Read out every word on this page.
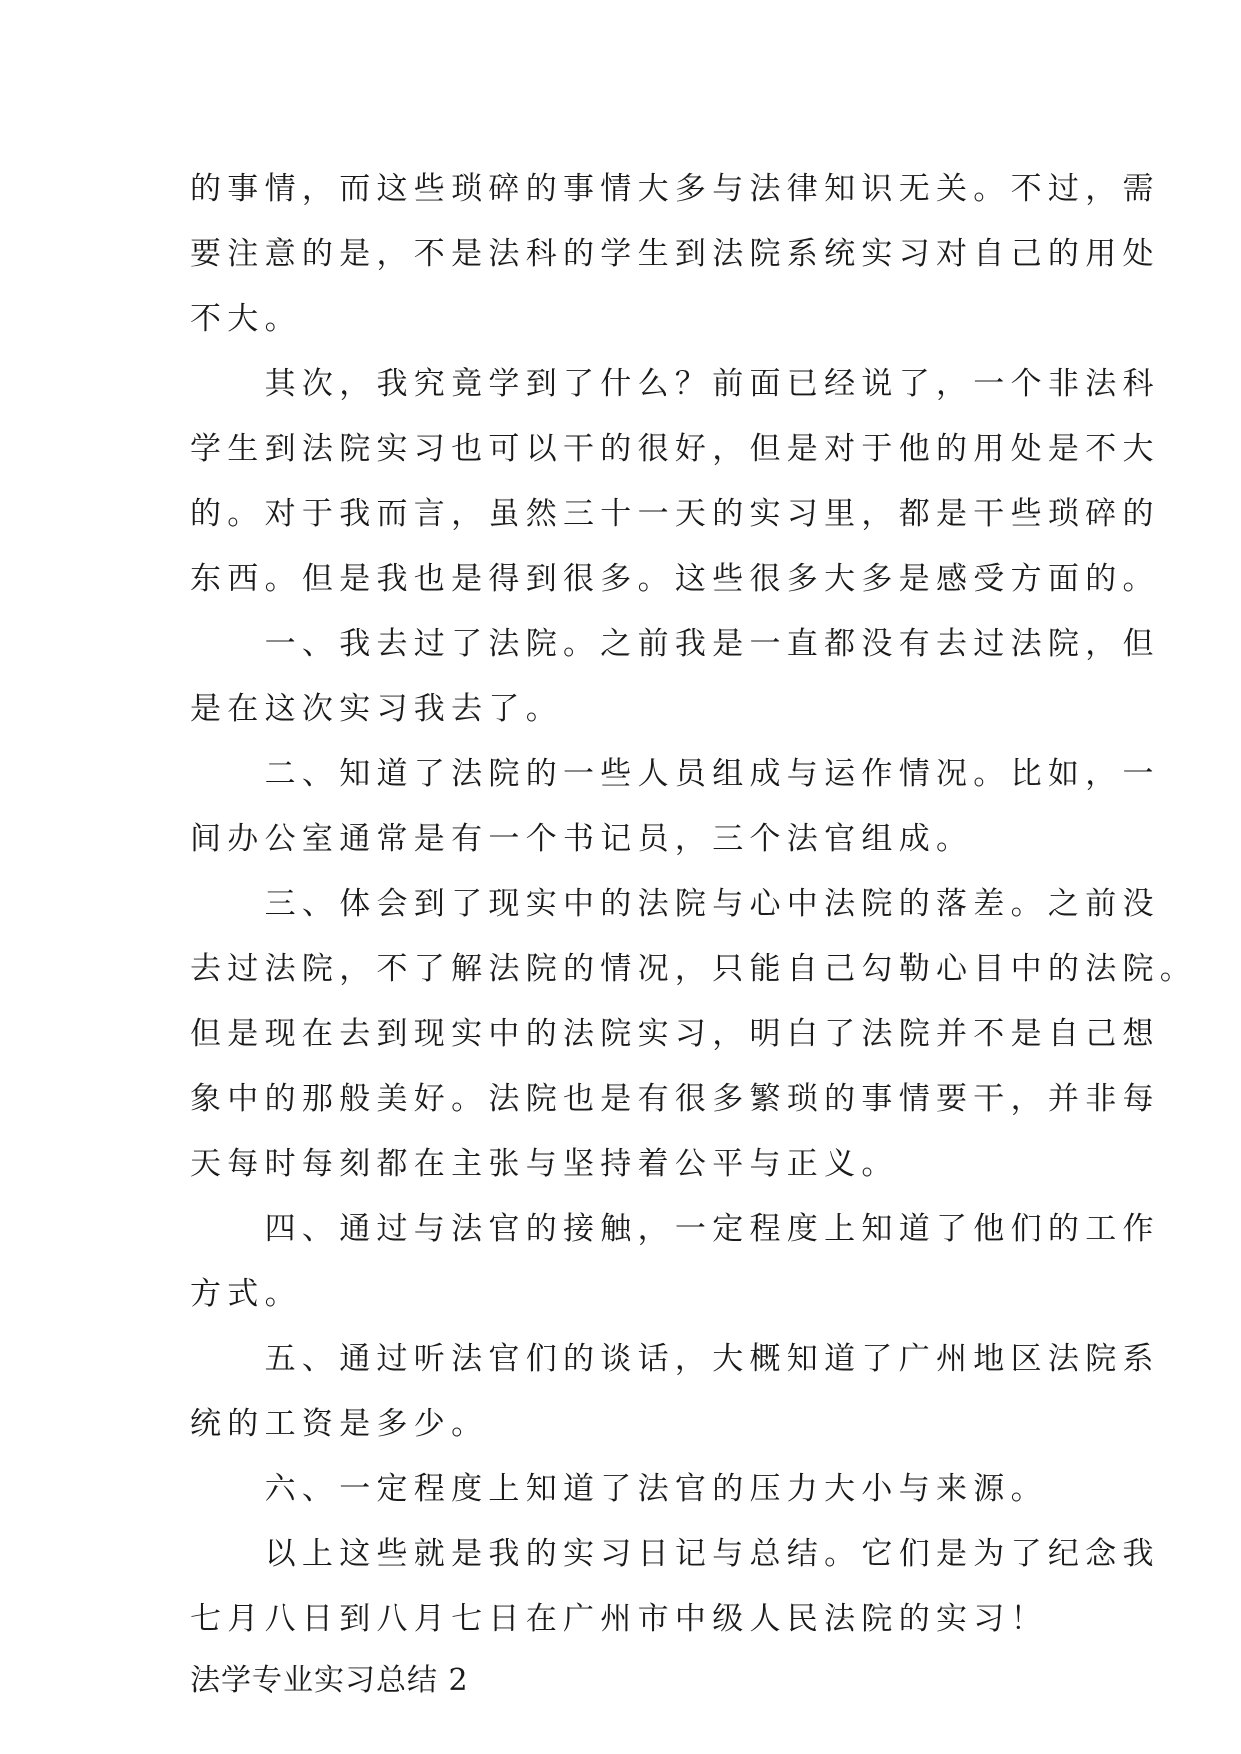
的事情，而这些琐碎的事情大多与法律知识无关。不过，需
要注意的是，不是法科的学生到法院系统实习对自己的用处
不大。
　　其次，我究竟学到了什么？前面已经说了，一个非法科
学生到法院实习也可以干的很好，但是对于他的用处是不大
的。对于我而言，虽然三十一天的实习里，都是干些琐碎的
东西。但是我也是得到很多。这些很多大多是感受方面的。
　　一、我去过了法院。之前我是一直都没有去过法院，但
是在这次实习我去了。
　　二、知道了法院的一些人员组成与运作情况。比如，一
间办公室通常是有一个书记员，三个法官组成。
　　三、体会到了现实中的法院与心中法院的落差。之前没
去过法院，不了解法院的情况，只能自己勾勒心目中的法院。
但是现在去到现实中的法院实习，明白了法院并不是自己想
象中的那般美好。法院也是有很多繁琐的事情要干，并非每
天每时每刻都在主张与坚持着公平与正义。
　　四、通过与法官的接触，一定程度上知道了他们的工作
方式。
　　五、通过听法官们的谈话，大概知道了广州地区法院系
统的工资是多少。
　　六、一定程度上知道了法官的压力大小与来源。
　　以上这些就是我的实习日记与总结。它们是为了纪念我
七月八日到八月七日在广州市中级人民法院的实习！
法学专业实习总结 2
